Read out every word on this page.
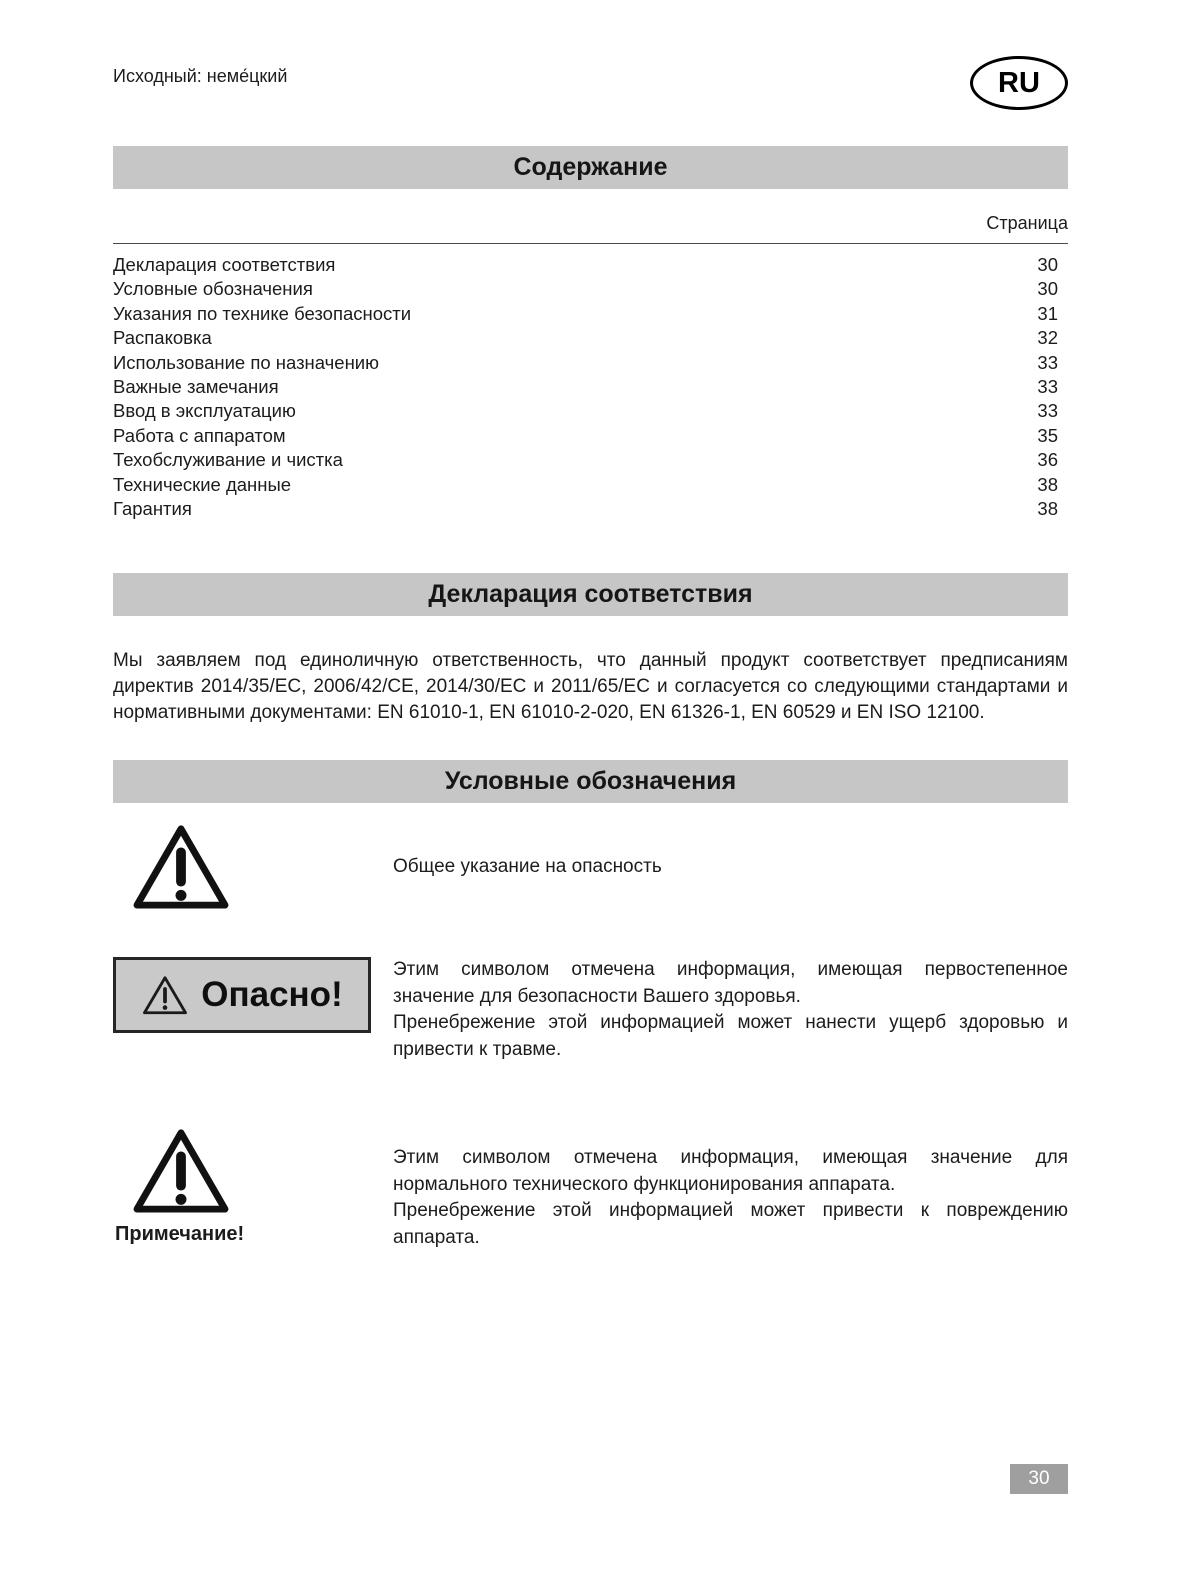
Исходный: неме́цкий	RU
Содержание
Страница
Декларация соответствия	30
Условные обозначения	30
Указания по технике безопасности	31
Распаковка	32
Использование по назначению	33
Важные замечания	33
Ввод в эксплуатацию	33
Работа с аппаратом	35
Техобслуживание и чистка	36
Технические данные	38
Гарантия	38
Декларация соответствия

Мы заявляем под единоличную ответственность, что данный продукт соответствует предписаниям директив 2014/35/EC, 2006/42/CE, 2014/30/EC и 2011/65/EC и согласуется со следующими стандартами и нормативными документами: EN 61010-1, EN 61010-2-020, EN 61326-1, EN 60529 и EN ISO 12100.

Условные обозначения
Общее указание на опасность
Опасно!

Этим символом отмечена информация, имеющая первостепенное значение для безопасности Вашего здоровья.

Пренебрежение этой информацией может нанести ущерб здоровью и привести к травме.

Примечание!

Этим символом отмечена информация, имеющая значение для нормального технического функционирования аппарата.

Пренебрежение этой информацией может привести к повреждению аппарата.

30
